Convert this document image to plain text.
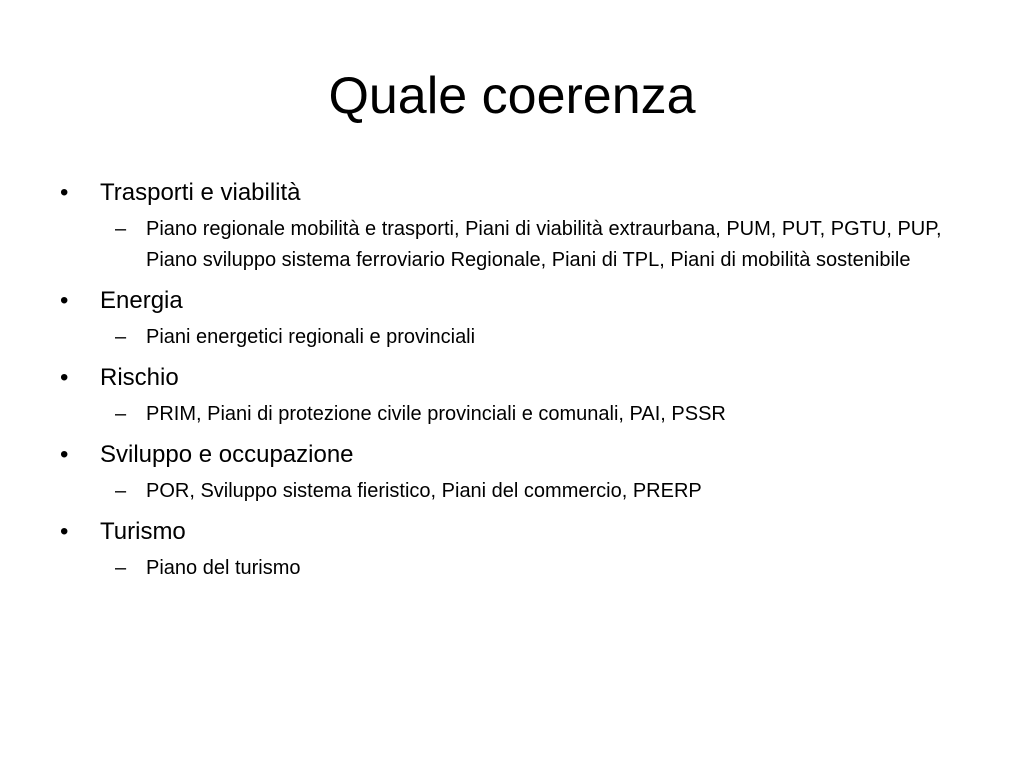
Quale coerenza
•	Trasporti e viabilità
– Piano regionale mobilità e trasporti, Piani di viabilità extraurbana, PUM, PUT, PGTU, PUP, Piano sviluppo sistema ferroviario Regionale, Piani di TPL, Piani di mobilità sostenibile
•	Energia
– Piani energetici regionali e provinciali
•	Rischio
– PRIM, Piani di protezione civile provinciali e comunali, PAI, PSSR
•	Sviluppo e occupazione
– POR, Sviluppo sistema fieristico, Piani del commercio, PRERP
•	Turismo
– Piano del turismo
